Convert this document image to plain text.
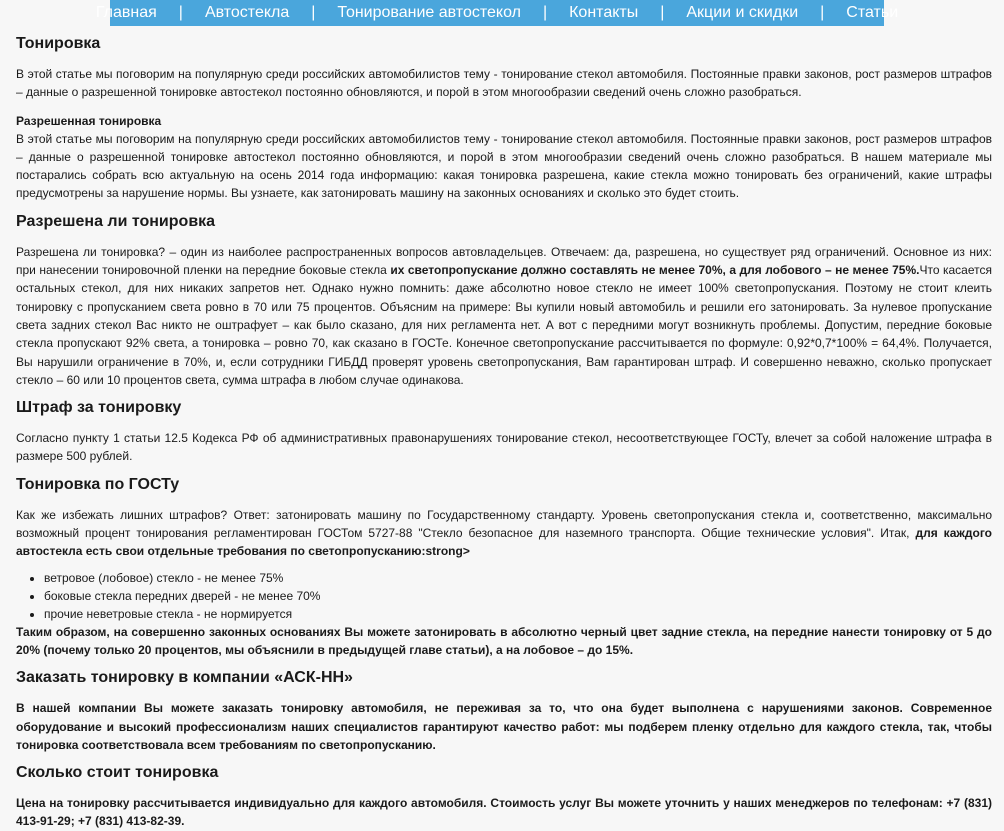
Главная	|	Автостекла	|	Тонирование автостекол	|	Контакты	|	Акции и скидки	|	Статьи
Тонировка

В этой статье мы поговорим на популярную среди российских автомобилистов тему - тонирование стекол автомобиля. Постоянные правки законов, рост размеров штрафов – данные о разрешенной тонировке автостекол постоянно обновляются, и порой в этом многообразии сведений очень сложно разобраться.

Разрешенная тонировка

В этой статье мы поговорим на популярную среди российских автомобилистов тему - тонирование стекол автомобиля. Постоянные правки законов, рост размеров штрафов – данные о разрешенной тонировке автостекол постоянно обновляются, и порой в этом многообразии сведений очень сложно разобраться. В нашем материале мы постарались собрать всю актуальную на осень 2014 года информацию: какая тонировка разрешена, какие стекла можно тонировать без ограничений, какие штрафы предусмотрены за нарушение нормы. Вы узнаете, как затонировать машину на законных основаниях и сколько это будет стоить.

Разрешена ли тонировка

Разрешена ли тонировка? – один из наиболее распространенных вопросов автовладельцев. Отвечаем: да, разрешена, но существует ряд ограничений. Основное из них: при нанесении тонировочной пленки на передние боковые стекла их светопропускание должно составлять не менее 70%, а для лобового – не менее 75%.Что касается остальных стекол, для них никаких запретов нет. Однако нужно помнить: даже абсолютно новое стекло не имеет 100% светопропускания. Поэтому не стоит клеить тонировку с пропусканием света ровно в 70 или 75 процентов. Объясним на примере: Вы купили новый автомобиль и решили его затонировать. За нулевое пропускание света задних стекол Вас никто не оштрафует – как было сказано, для них регламента нет. А вот с передними могут возникнуть проблемы. Допустим, передние боковые стекла пропускают 92% света, а тонировка – ровно 70, как сказано в ГОСТе. Конечное светопропускание рассчитывается по формуле: 0,92*0,7*100% = 64,4%. Получается, Вы нарушили ограничение в 70%, и, если сотрудники ГИБДД проверят уровень светопропускания, Вам гарантирован штраф. И совершенно неважно, сколько пропускает стекло – 60 или 10 процентов света, сумма штрафа в любом случае одинакова.

Штраф за тонировку

Согласно пункту 1 статьи 12.5 Кодекса РФ об административных правонарушениях тонирование стекол, несоответствующее ГОСТу, влечет за собой наложение штрафа в размере 500 рублей.

Тонировка по ГОСТу

Как же избежать лишних штрафов? Ответ: затонировать машину по Государственному стандарту. Уровень светопропускания стекла и, соответственно, максимально возможный процент тонирования регламентирован ГОСТом 5727-88 "Стекло безопасное для наземного транспорта. Общие технические условия". Итак, для каждого автостекла есть свои отдельные требования по светопропусканию:strong>

• ветровое (лобовое) стекло - не менее 75%
• боковые стекла передних дверей - не менее 70%
• прочие неветровые стекла - не нормируется

Таким образом, на совершенно законных основаниях Вы можете затонировать в абсолютно черный цвет задние стекла, на передние нанести тонировку от 5 до 20% (почему только 20 процентов, мы объяснили в предыдущей главе статьи), а на лобовое – до 15%.

Заказать тонировку в компании «АСК-НН»

В нашей компании Вы можете заказать тонировку автомобиля, не переживая за то, что она будет выполнена с нарушениями законов. Современное оборудование и высокий профессионализм наших специалистов гарантируют качество работ: мы подберем пленку отдельно для каждого стекла, так, чтобы тонировка соответствовала всем требованиям по светопропусканию.

Сколько стоит тонировка

Цена на тонировку рассчитывается индивидуально для каждого автомобиля. Стоимость услуг Вы можете уточнить у наших менеджеров по телефонам: +7 (831) 413-91-29; +7 (831) 413-82-39.
